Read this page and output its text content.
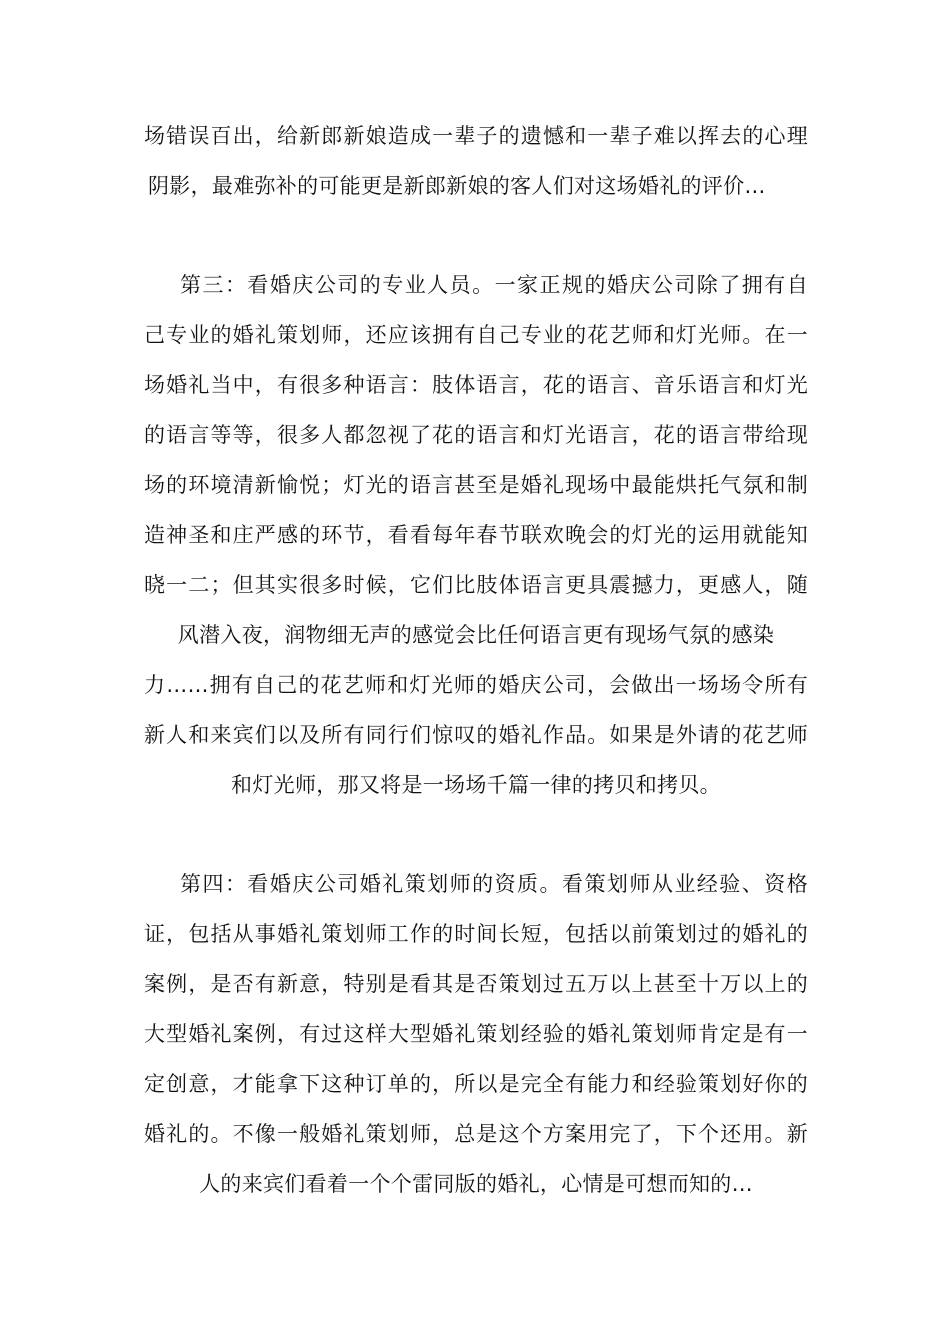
场错误百出，给新郎新娘造成一辈子的遗憾和一辈子难以挥去的心理
阴影，最难弥补的可能更是新郎新娘的客人们对这场婚礼的评价…
第三：看婚庆公司的专业人员。一家正规的婚庆公司除了拥有自
己专业的婚礼策划师，还应该拥有自己专业的花艺师和灯光师。在一
场婚礼当中，有很多种语言：肢体语言，花的语言、音乐语言和灯光
的语言等等，很多人都忽视了花的语言和灯光语言，花的语言带给现
场的环境清新愉悦；灯光的语言甚至是婚礼现场中最能烘托气氛和制
造神圣和庄严感的环节，看看每年春节联欢晚会的灯光的运用就能知
晓一二；但其实很多时候，它们比肢体语言更具震撼力，更感人，随
风潜入夜，润物细无声的感觉会比任何语言更有现场气氛的感染
力……拥有自己的花艺师和灯光师的婚庆公司，会做出一场场令所有
新人和来宾们以及所有同行们惊叹的婚礼作品。如果是外请的花艺师
和灯光师，那又将是一场场千篇一律的拷贝和拷贝。
第四：看婚庆公司婚礼策划师的资质。看策划师从业经验、资格
证，包括从事婚礼策划师工作的时间长短，包括以前策划过的婚礼的
案例，是否有新意，特别是看其是否策划过五万以上甚至十万以上的
大型婚礼案例，有过这样大型婚礼策划经验的婚礼策划师肯定是有一
定创意，才能拿下这种订单的，所以是完全有能力和经验策划好你的
婚礼的。不像一般婚礼策划师，总是这个方案用完了，下个还用。新
人的来宾们看着一个个雷同版的婚礼，心情是可想而知的…
